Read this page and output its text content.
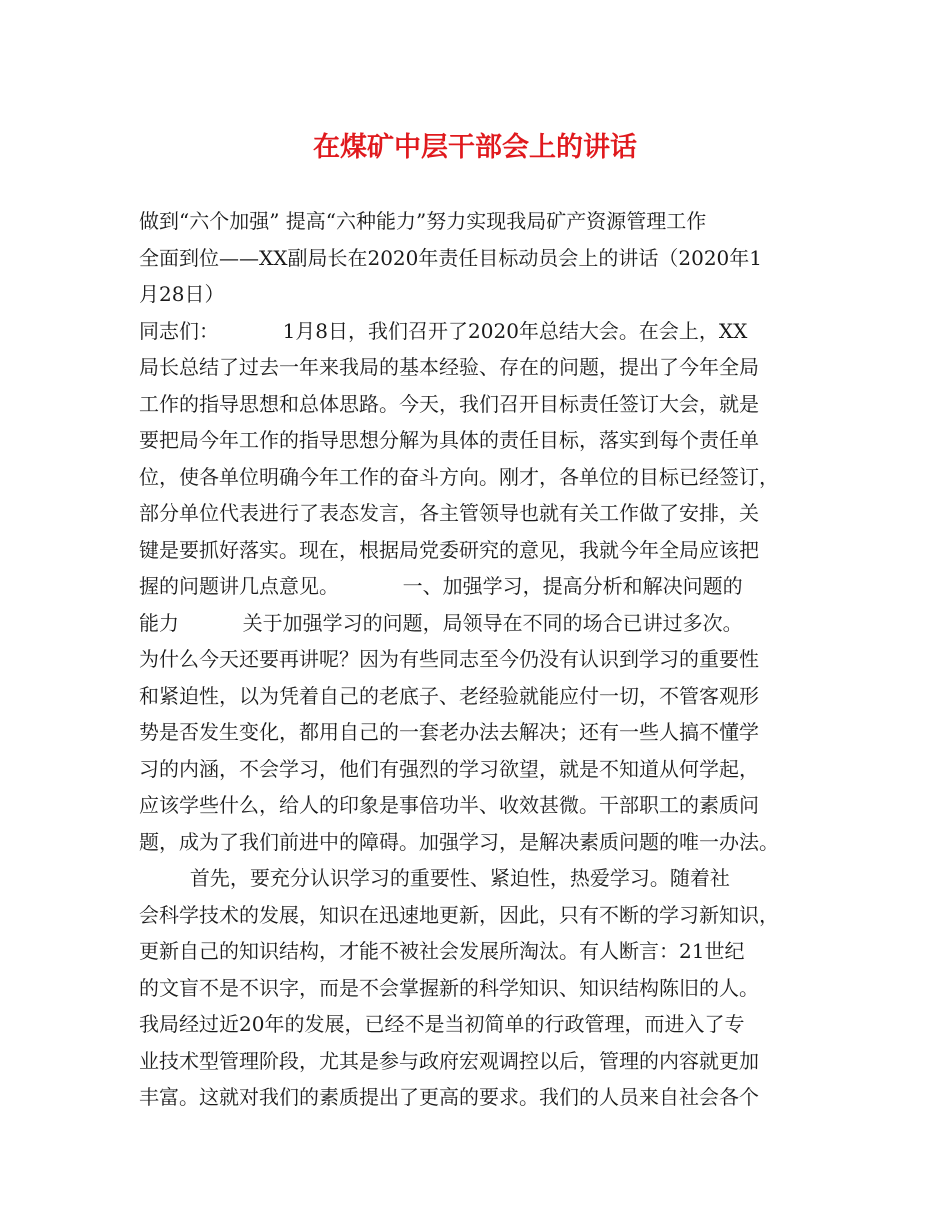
在煤矿中层干部会上的讲话

做到“六个加强” 提高“六种能力”努力实现我局矿产资源管理工作

全面到位——XX副局长在2020年责任目标动员会上的讲话（2020年1

月28日）

同志们：          1月8日，我们召开了2020年总结大会。在会上，XX

局长总结了过去一年来我局的基本经验、存在的问题，提出了今年全局

工作的指导思想和总体思路。今天，我们召开目标责任签订大会，就是

要把局今年工作的指导思想分解为具体的责任目标，落实到每个责任单

位，使各单位明确今年工作的奋斗方向。刚才，各单位的目标已经签订，

部分单位代表进行了表态发言，各主管领导也就有关工作做了安排，关

键是要抓好落实。现在，根据局党委研究的意见，我就今年全局应该把

握的问题讲几点意见。          一、加强学习，提高分析和解决问题的

能力          关于加强学习的问题，局领导在不同的场合已讲过多次。

为什么今天还要再讲呢？因为有些同志至今仍没有认识到学习的重要性

和紧迫性，以为凭着自己的老底子、老经验就能应付一切，不管客观形

势是否发生变化，都用自己的一套老办法去解决；还有一些人搞不懂学

习的内涵，不会学习，他们有强烈的学习欲望，就是不知道从何学起，

应该学些什么，给人的印象是事倍功半、收效甚微。干部职工的素质问

题，成为了我们前进中的障碍。加强学习，是解决素质问题的唯一办法。

首先，要充分认识学习的重要性、紧迫性，热爱学习。随着社

会科学技术的发展，知识在迅速地更新，因此，只有不断的学习新知识，

更新自己的知识结构，才能不被社会发展所淘汰。有人断言：21世纪

的文盲不是不识字，而是不会掌握新的科学知识、知识结构陈旧的人。

我局经过近20年的发展，已经不是当初简单的行政管理，而进入了专

业技术型管理阶段，尤其是参与政府宏观调控以后，管理的内容就更加

丰富。这就对我们的素质提出了更高的要求。我们的人员来自社会各个
